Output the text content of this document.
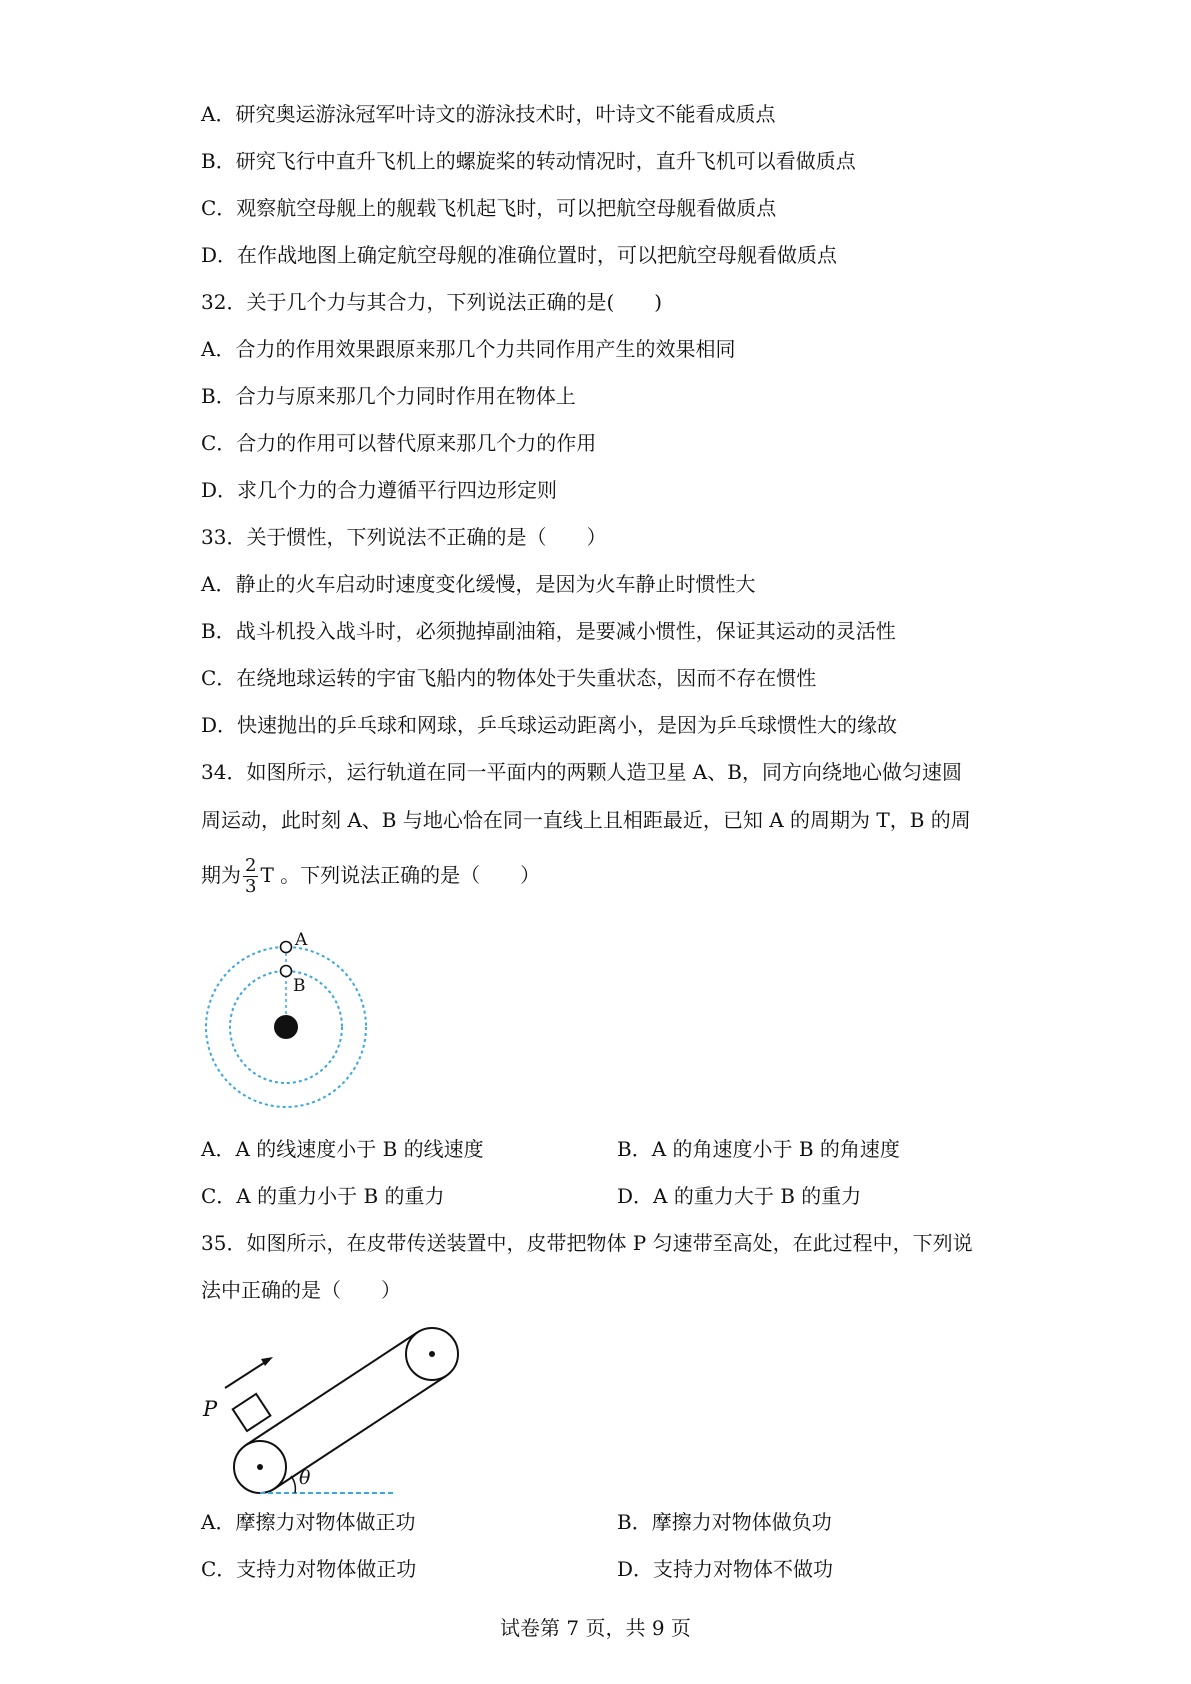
A．研究奥运游泳冠军叶诗文的游泳技术时，叶诗文不能看成质点
B．研究飞行中直升飞机上的螺旋桨的转动情况时，直升飞机可以看做质点
C．观察航空母舰上的舰载飞机起飞时，可以把航空母舰看做质点
D．在作战地图上确定航空母舰的准确位置时，可以把航空母舰看做质点
32．关于几个力与其合力，下列说法正确的是(　　)
A．合力的作用效果跟原来那几个力共同作用产生的效果相同
B．合力与原来那几个力同时作用在物体上
C．合力的作用可以替代原来那几个力的作用
D．求几个力的合力遵循平行四边形定则
33．关于惯性，下列说法不正确的是（　　）
A．静止的火车启动时速度变化缓慢，是因为火车静止时惯性大
B．战斗机投入战斗时，必须抛掉副油箱，是要减小惯性，保证其运动的灵活性
C．在绕地球运转的宇宙飞船内的物体处于失重状态，因而不存在惯性
D．快速抛出的乒乓球和网球，乒乓球运动距离小，是因为乒乓球惯性大的缘故
34．如图所示，运行轨道在同一平面内的两颗人造卫星 A、B，同方向绕地心做匀速圆
周运动，此时刻 A、B 与地心恰在同一直线上且相距最近，已知 A 的周期为 T，B 的周
期为 $\frac{2}{3}$ T 。下列说法正确的是（　　）
A
B
A．A 的线速度小于 B 的线速度	B．A 的角速度小于 B 的角速度
C．A 的重力小于 B 的重力	D．A 的重力大于 B 的重力
35．如图所示，在皮带传送装置中，皮带把物体 P 匀速带至高处，在此过程中，下列说
法中正确的是（　　）
P
θ
A．摩擦力对物体做正功	B．摩擦力对物体做负功
C．支持力对物体做正功	D．支持力对物体不做功
试卷第 7 页，共 9 页
